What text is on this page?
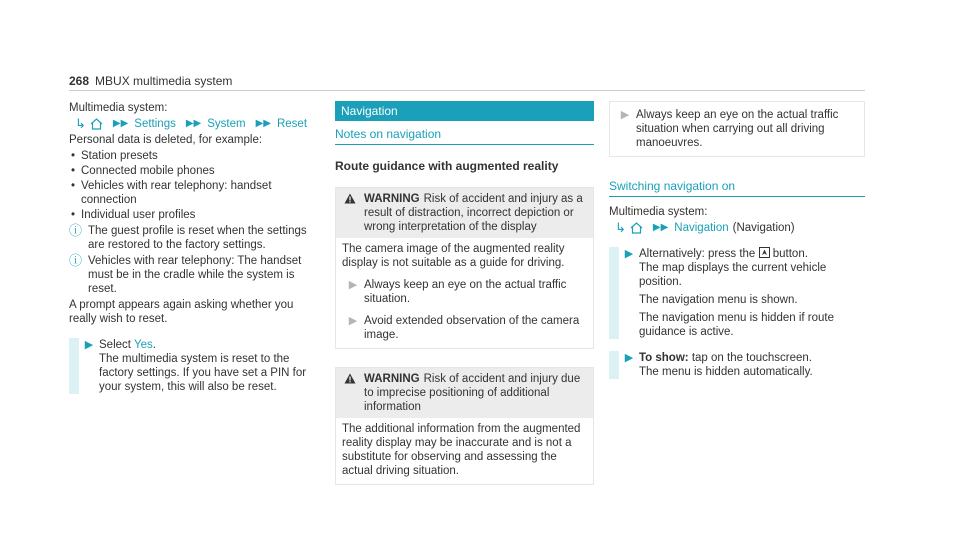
268 MBUX multimedia system
Multimedia system:
↳	▶▶ Settings ▶▶ System ▶▶ Reset
Personal data is deleted, for example:
• Station presets
• Connected mobile phones
• Vehicles with rear telephony: handset connection
• Individual user profiles
ⓘ The guest profile is reset when the settings are restored to the factory settings.
ⓘ Vehicles with rear telephony: The handset must be in the cradle while the system is reset.
A prompt appears again asking whether you really wish to reset.
▶ Select Yes.
The multimedia system is reset to the factory settings. If you have set a PIN for your system, this will also be reset.
Navigation
Notes on navigation
Route guidance with augmented reality
WARNING Risk of accident and injury as a result of distraction, incorrect depiction or wrong interpretation of the display
The camera image of the augmented reality display is not suitable as a guide for driving.
▶ Always keep an eye on the actual traffic situation.
▶ Avoid extended observation of the camera image.
WARNING Risk of accident and injury due to imprecise positioning of additional information
The additional information from the augmented reality display may be inaccurate and is not a substitute for observing and assessing the actual driving situation.
▶ Always keep an eye on the actual traffic situation when carrying out all driving manoeuvres.
Switching navigation on
Multimedia system:
↳	▶▶ Navigation (Navigation)
▶ Alternatively: press the button.
The map displays the current vehicle position.
The navigation menu is shown.
The navigation menu is hidden if route guidance is active.
▶ To show: tap on the touchscreen.
The menu is hidden automatically.
